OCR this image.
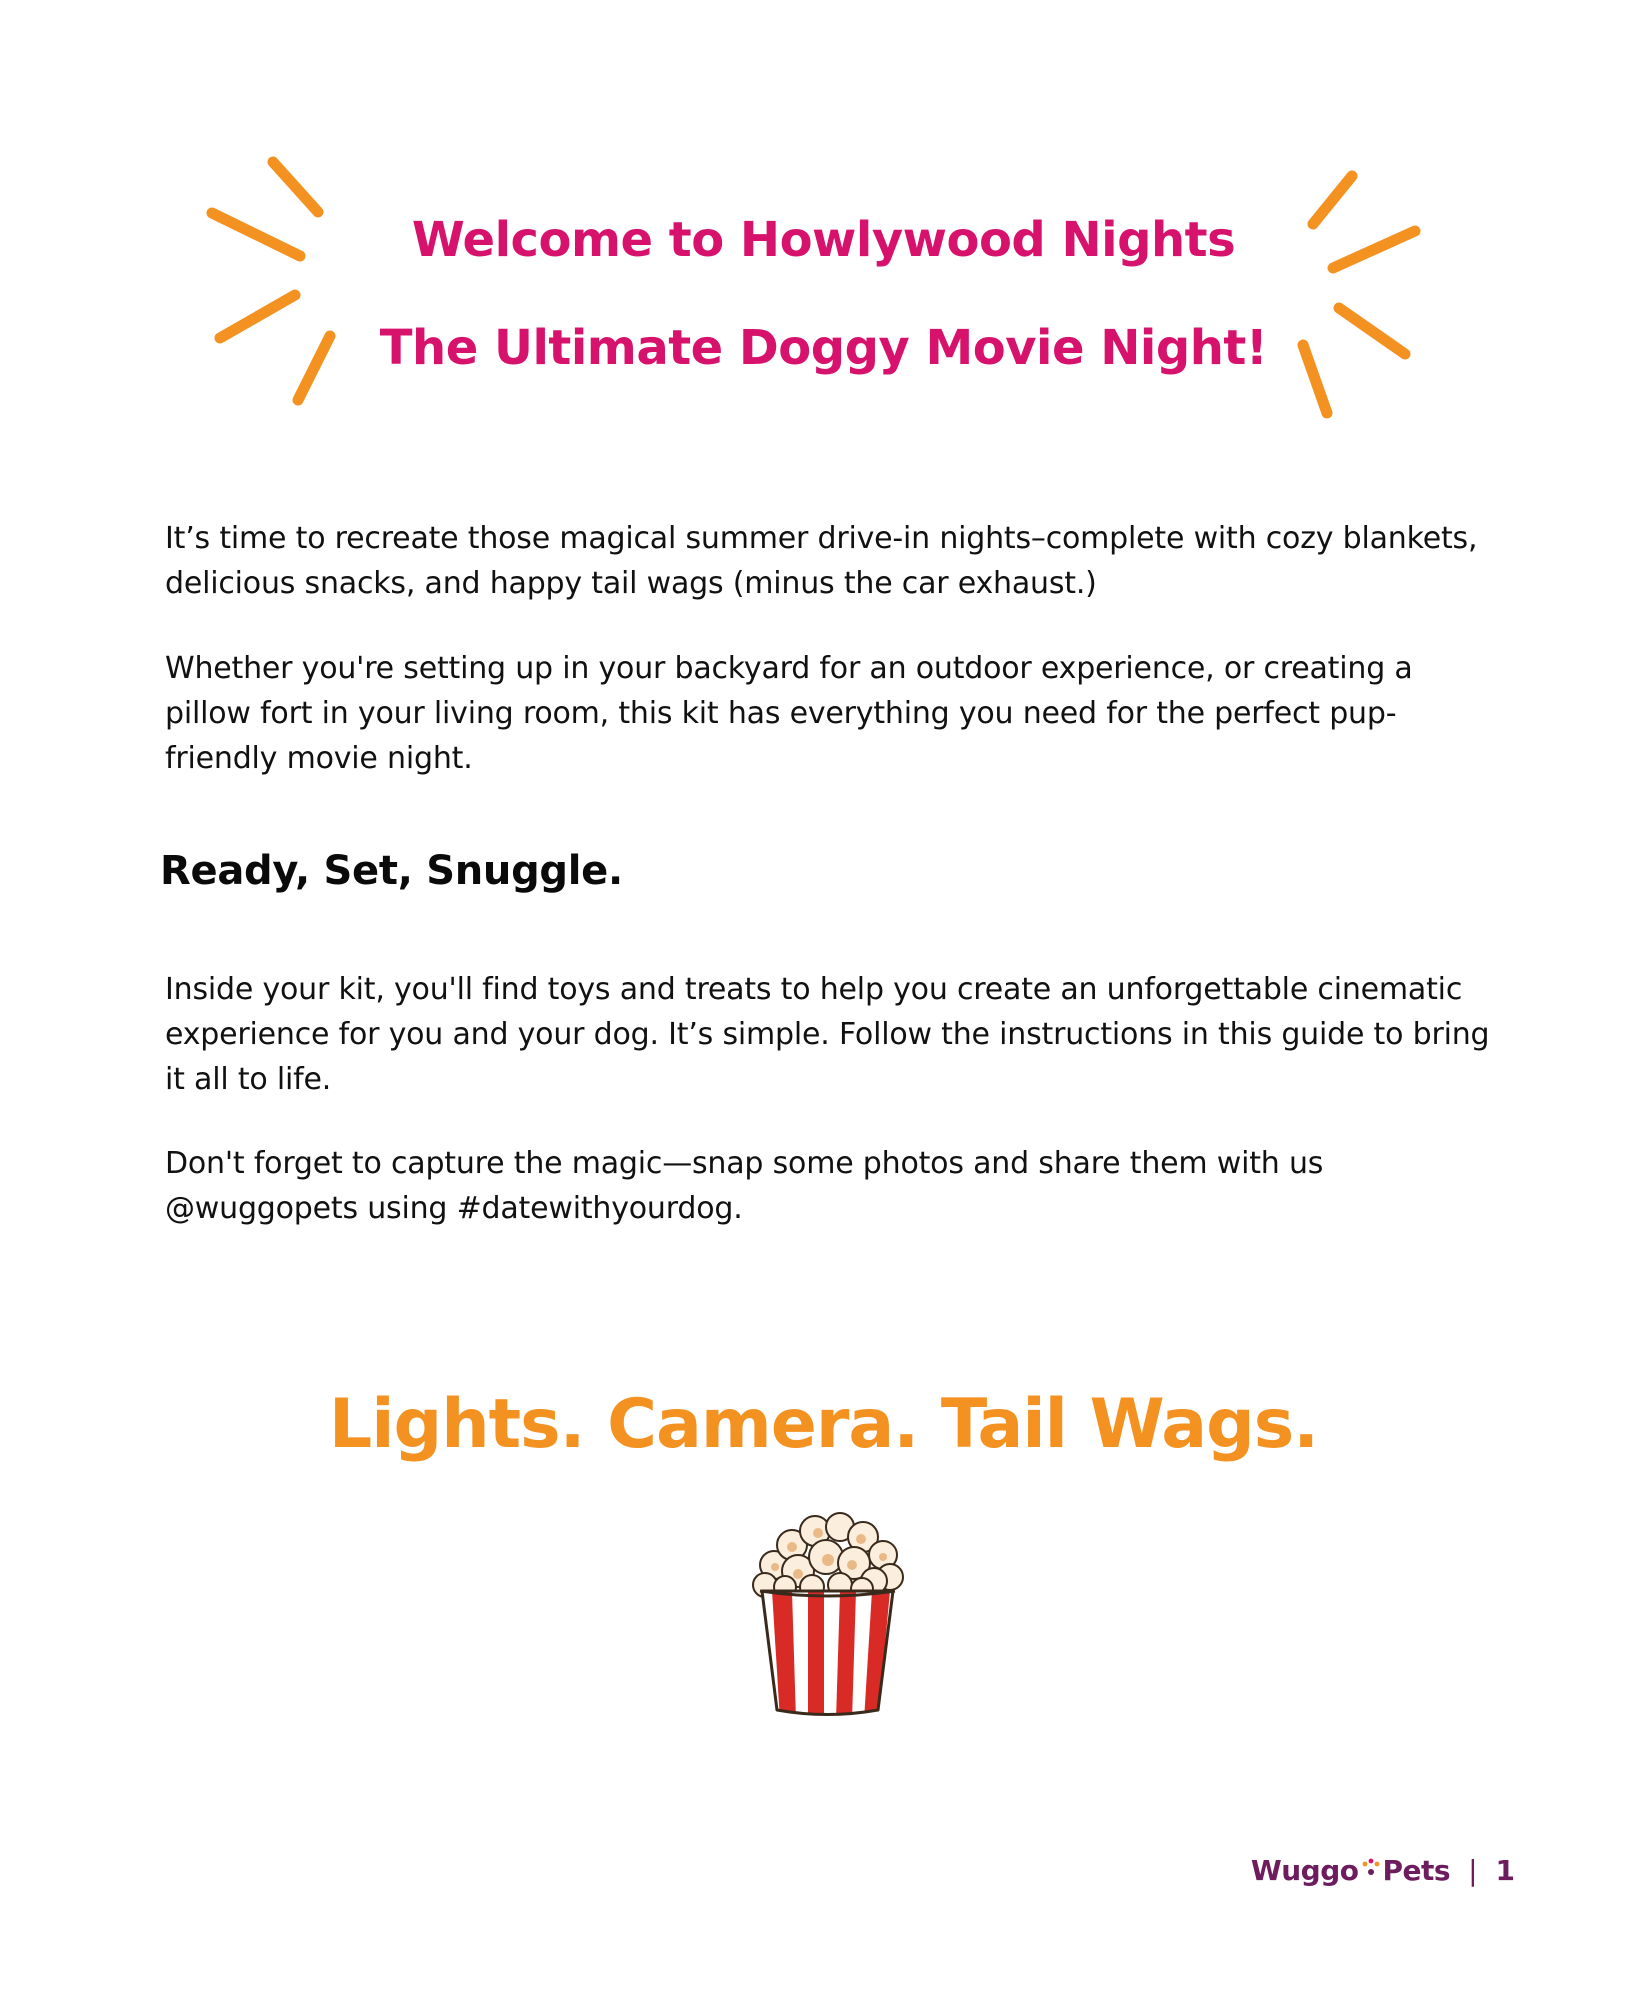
Welcome to Howlywood Nights
The Ultimate Doggy Movie Night!

It’s time to recreate those magical summer drive-in nights–complete with cozy blankets, delicious snacks, and happy tail wags (minus the car exhaust.)

Whether you're setting up in your backyard for an outdoor experience, or creating a pillow fort in your living room, this kit has everything you need for the perfect pup-friendly movie night.

Ready, Set, Snuggle.

Inside your kit, you'll find toys and treats to help you create an unforgettable cinematic experience for you and your dog. It’s simple. Follow the instructions in this guide to bring it all to life.

Don't forget to capture the magic—snap some photos and share them with us @wuggopets using #datewithyourdog.

Lights. Camera. Tail Wags.
Wugg o Pets | 1
